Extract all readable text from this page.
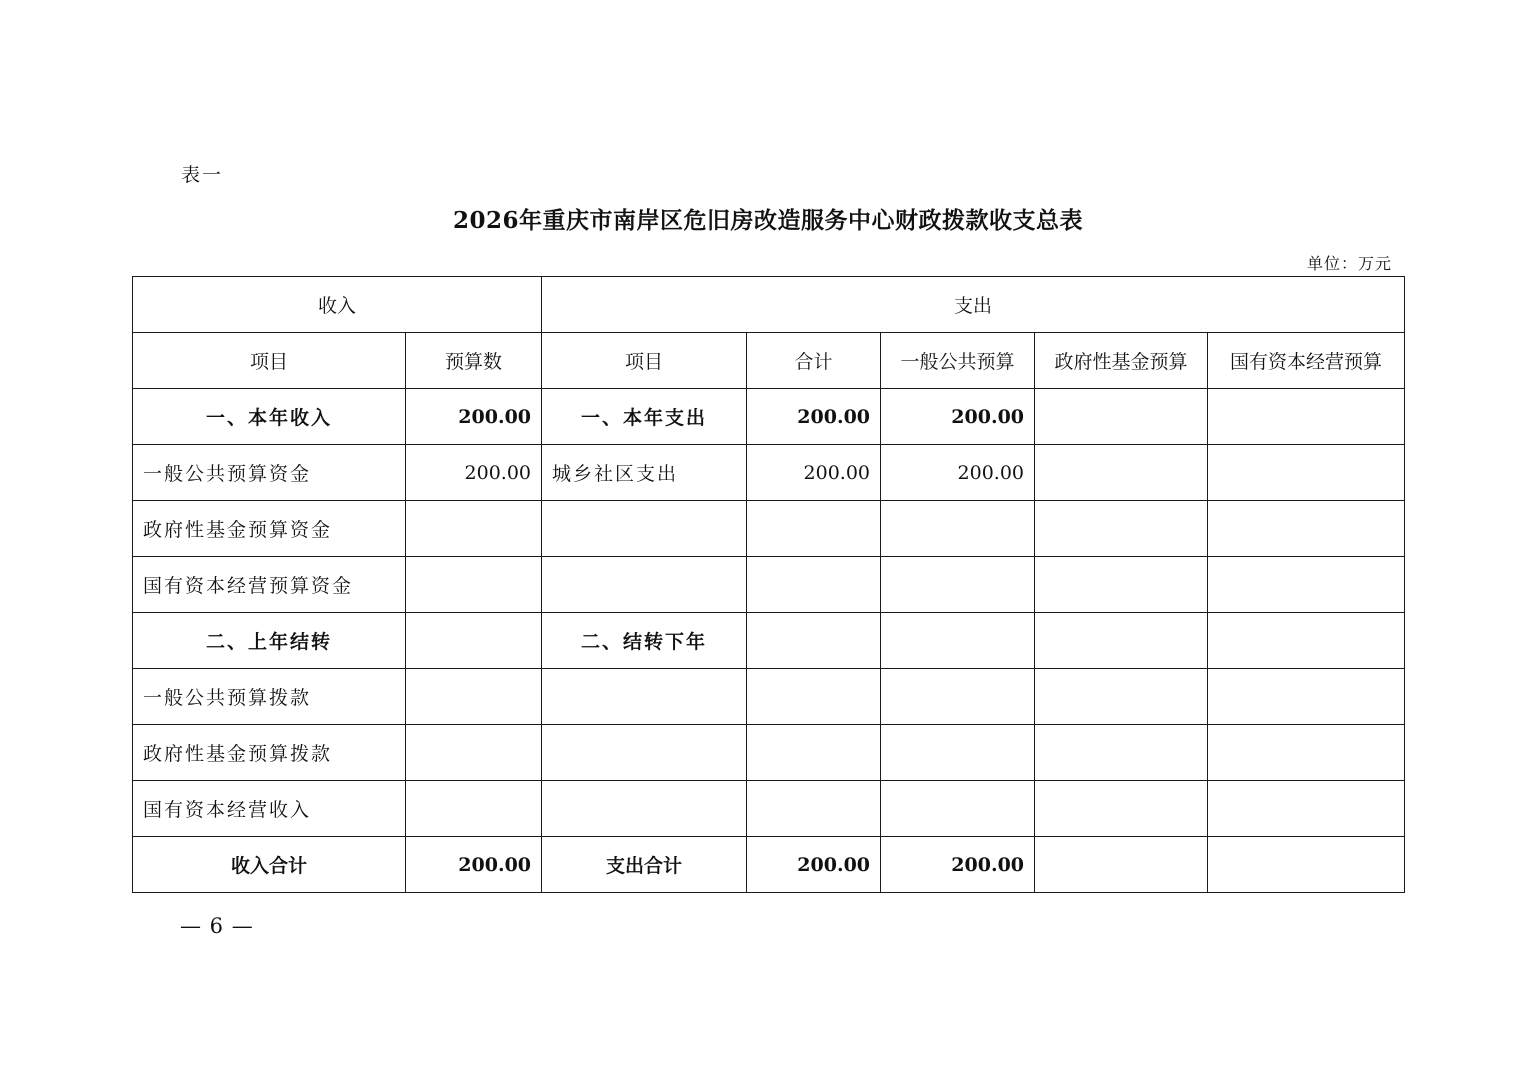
表一
2026年重庆市南岸区危旧房改造服务中心财政拨款收支总表
单位：万元
收入		支出				
项目	预算数	项目	合计	一般公共预算	政府性基金预算	国有资本经营预算
一、本年收入	200.00	一、本年支出	200.00	200.00		
一般公共预算资金	200.00	城乡社区支出	200.00	200.00		
政府性基金预算资金						
国有资本经营预算资金						
二、上年结转		二、结转下年				
一般公共预算拨款						
政府性基金预算拨款						
国有资本经营收入						
收入合计	200.00	支出合计	200.00	200.00		
— 6 —
